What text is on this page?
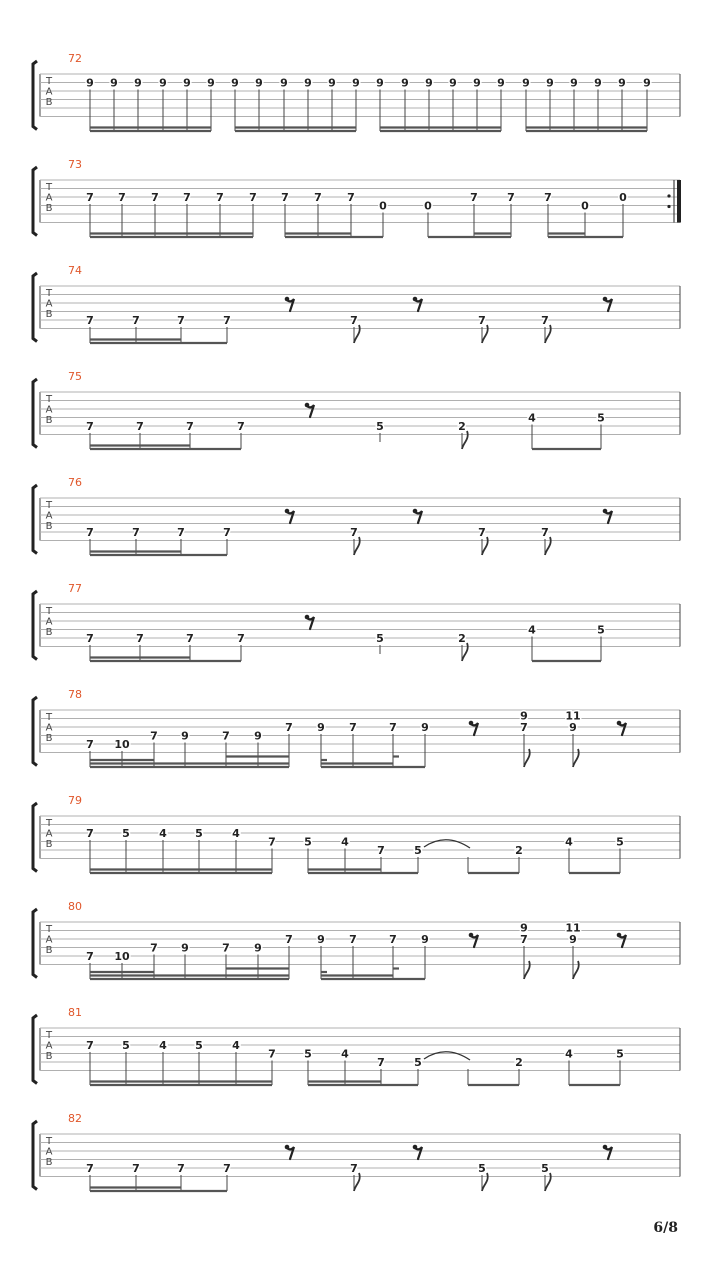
T
A
B
72
9 9 9 9 9 9 9 9 9 9 9 9 9 9 9 9 9 9 9 9 9 9 9 9
T
A
B
73
7 7 7 7 7 7 7 7 7
0	0
7	7	7
0
0
T
A
B
74
7	7	7	7	7	7	7
T
A
B
75
7	7	7	7	5	2
4	5
T
A
B
76
7	7	7	7	7	7	7
T
A
B
77
7	7	7	7	5	2
4	5
T
A
B
78
7 10
7 9	7 9
7 9 7	7 9	7
9
9
11
T
A
B
79
7	5	4	5	4
7	5	4
7	5	2
4	5
T
A
B
80
7 10
7 9	7 9
7 9 7	7 9	7
9
9
11
T
A
B
81
7	5	4	5	4
7	5	4
7	5	2
4	5
T
A
B
82
7	7	7	7	7	5	5
6/8
